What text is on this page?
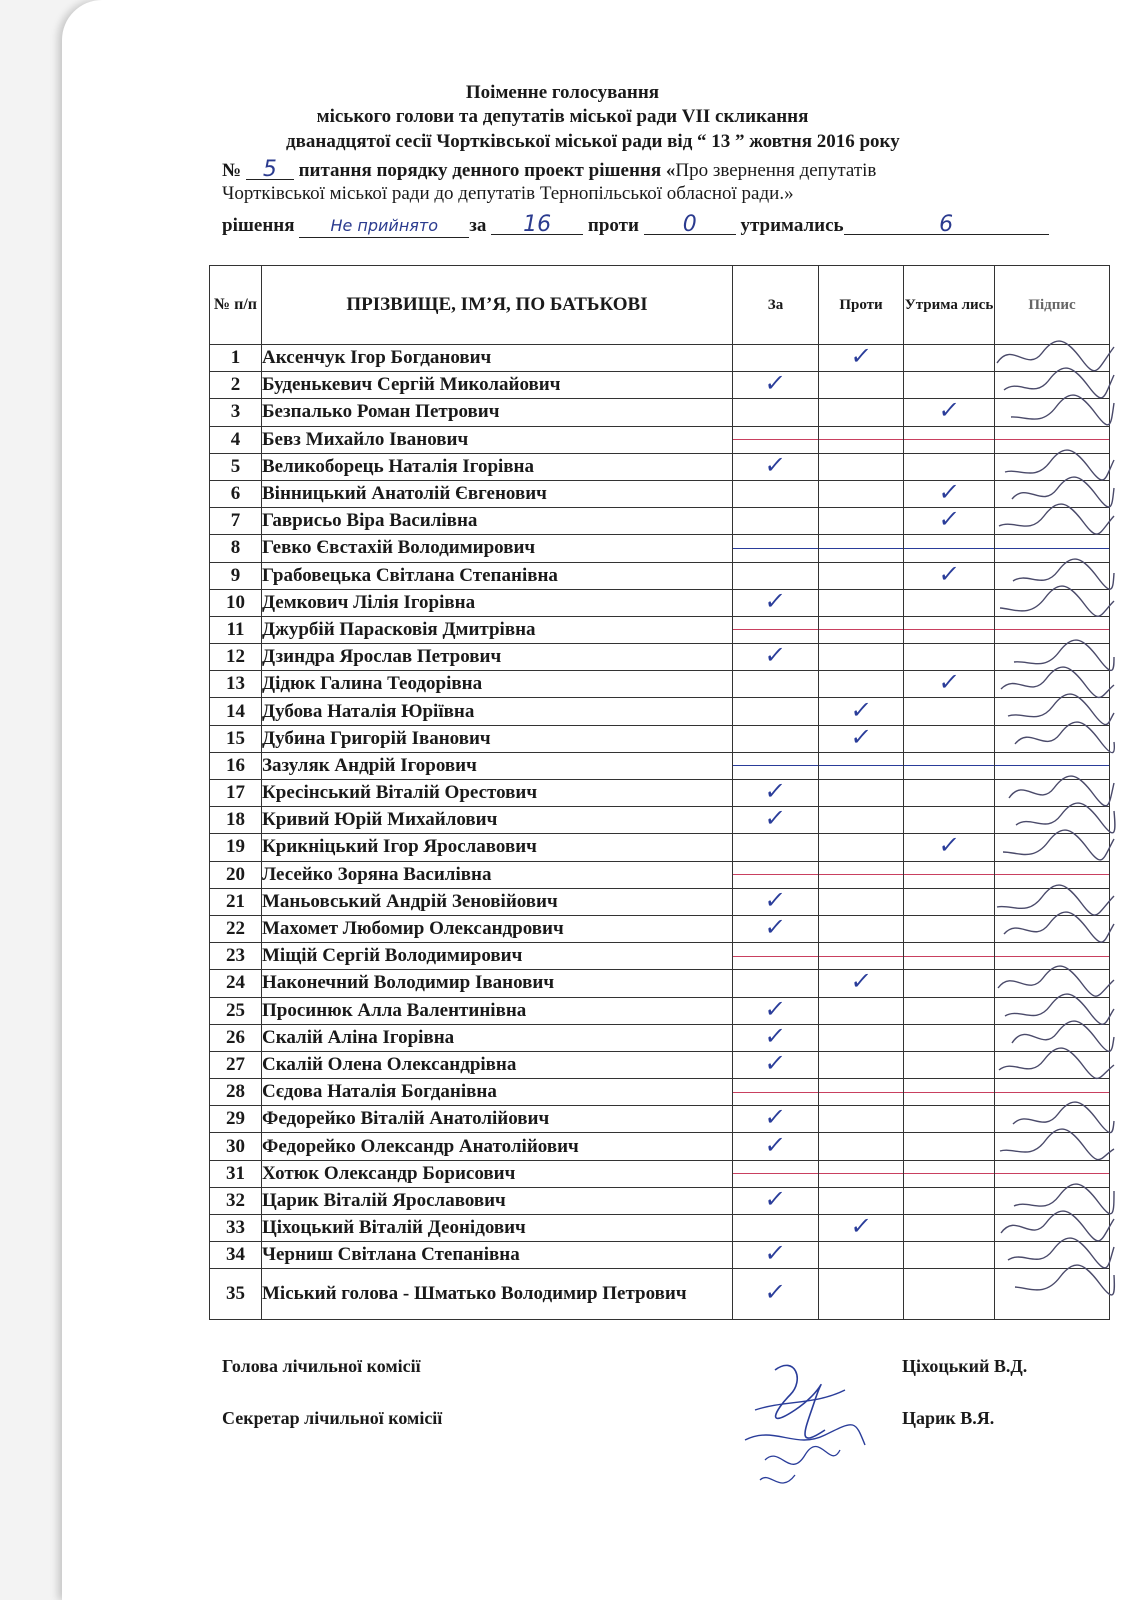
Поіменне голосування
міського голови та депутатів міської ради VII скликання
дванадцятої сесії Чортківської міської ради від “ 13 ” жовтня 2016 року
№ 5 питання порядку денного проект рішення «Про звернення депутатів
Чортківської міської ради до депутатів Тернопільської обласної ради.»
рішення Не прийнято за 16 проти 0 утримались	6
№ п/п	ПРІЗВИЩЕ, ІМ’Я, ПО БАТЬКОВІ	За	Проти	Утрима лись	Підпис
1	Аксенчук Ігор Богданович		✓		

2	Буденькевич Сергій Миколайович	✓			

3	Безпалько Роман Петрович			✓	

4	Бевз Михайло Іванович	

5	Великоборець Наталія Ігорівна	✓			

6	Вінницький Анатолій Євгенович			✓	

7	Гаврисьо Віра Василівна			✓	

8	Гевко Євстахій Володимирович	

9	Грабовецька Світлана Степанівна			✓	

10	Демкович Лілія Ігорівна	✓			

11	Джурбій Парасковія Дмитрівна	

12	Дзиндра Ярослав Петрович	✓			

13	Дідюк Галина Теодорівна			✓	

14	Дубова Наталія Юріївна		✓		

15	Дубина Григорій Іванович		✓		

16	Зазуляк Андрій Ігорович	

17	Кресінський Віталій Орестович	✓			

18	Кривий Юрій Михайлович	✓			

19	Крикніцький Ігор Ярославович			✓	

20	Лесейко Зоряна Василівна	

21	Маньовський Андрій Зеновійович	✓			

22	Махомет Любомир Олександрович	✓			

23	Міщій Сергій Володимирович	

24	Наконечний Володимир Іванович		✓		

25	Просинюк Алла Валентинівна	✓			

26	Скалій Аліна Ігорівна	✓			

27	Скалій Олена Олександрівна	✓			

28	Сєдова Наталія Богданівна	

29	Федорейко Віталій Анатолійович	✓			

30	Федорейко Олександр Анатолійович	✓			

31	Хотюк Олександр Борисович	

32	Царик Віталій Ярославович	✓			

33	Ціхоцький Віталій Деонідович		✓		

34	Черниш Світлана Степанівна	✓			

35	Міський голова - Шматько Володимир Петрович	✓			
Голова лічильної комісії	Ціхоцький В.Д.
Секретар лічильної комісії	Царик В.Я.
